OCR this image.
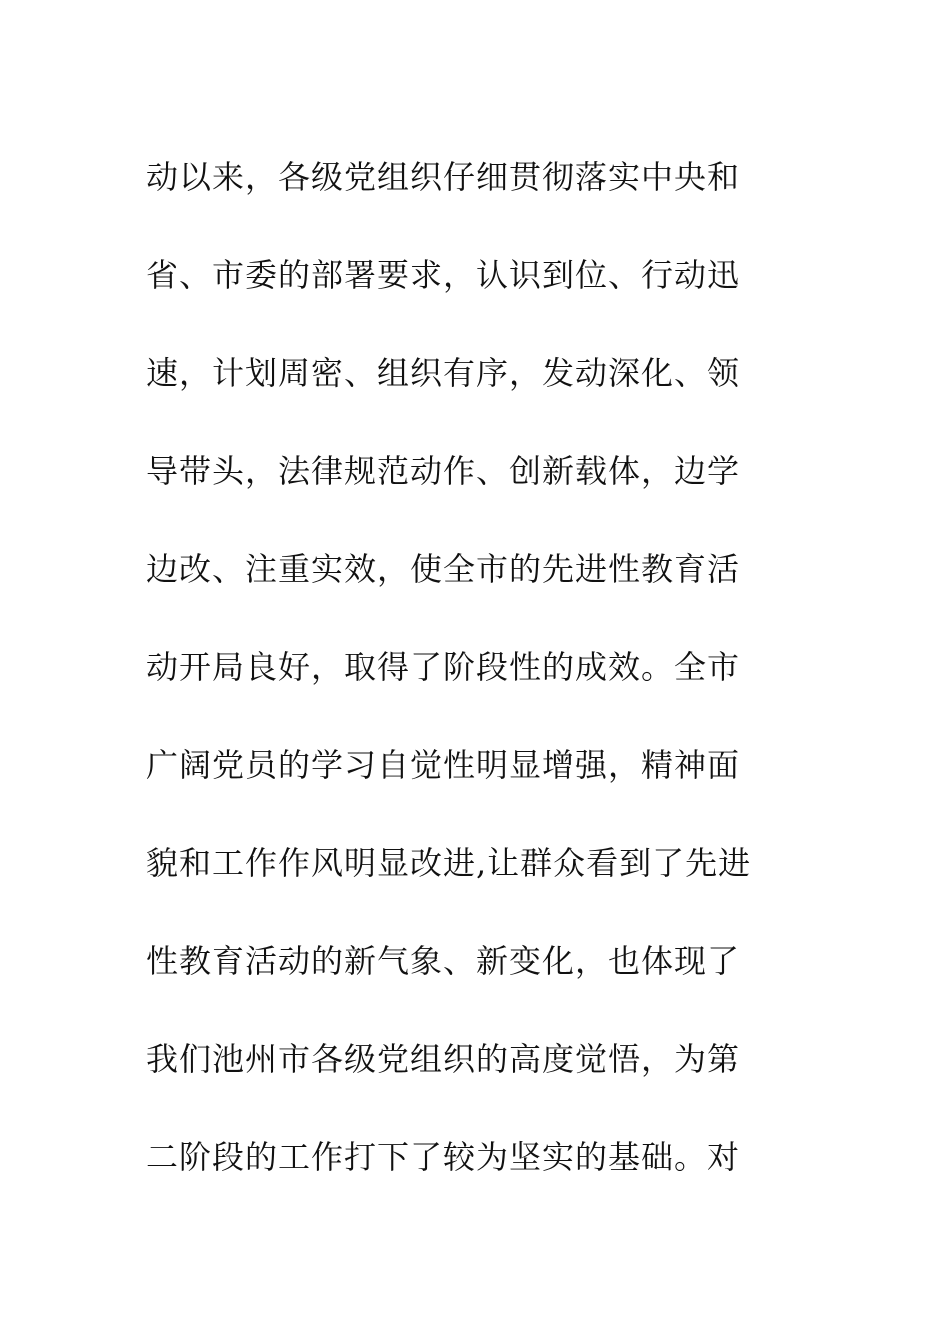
动以来，各级党组织仔细贯彻落实中央和

省、市委的部署要求，认识到位、行动迅

速，计划周密、组织有序，发动深化、领

导带头，法律规范动作、创新载体，边学

边改、注重实效，使全市的先进性教育活

动开局良好，取得了阶段性的成效。全市

广阔党员的学习自觉性明显增强，精神面

貌和工作作风明显改进,让群众看到了先进

性教育活动的新气象、新变化，也体现了

我们池州市各级党组织的高度觉悟，为第

二阶段的工作打下了较为坚实的基础。对
